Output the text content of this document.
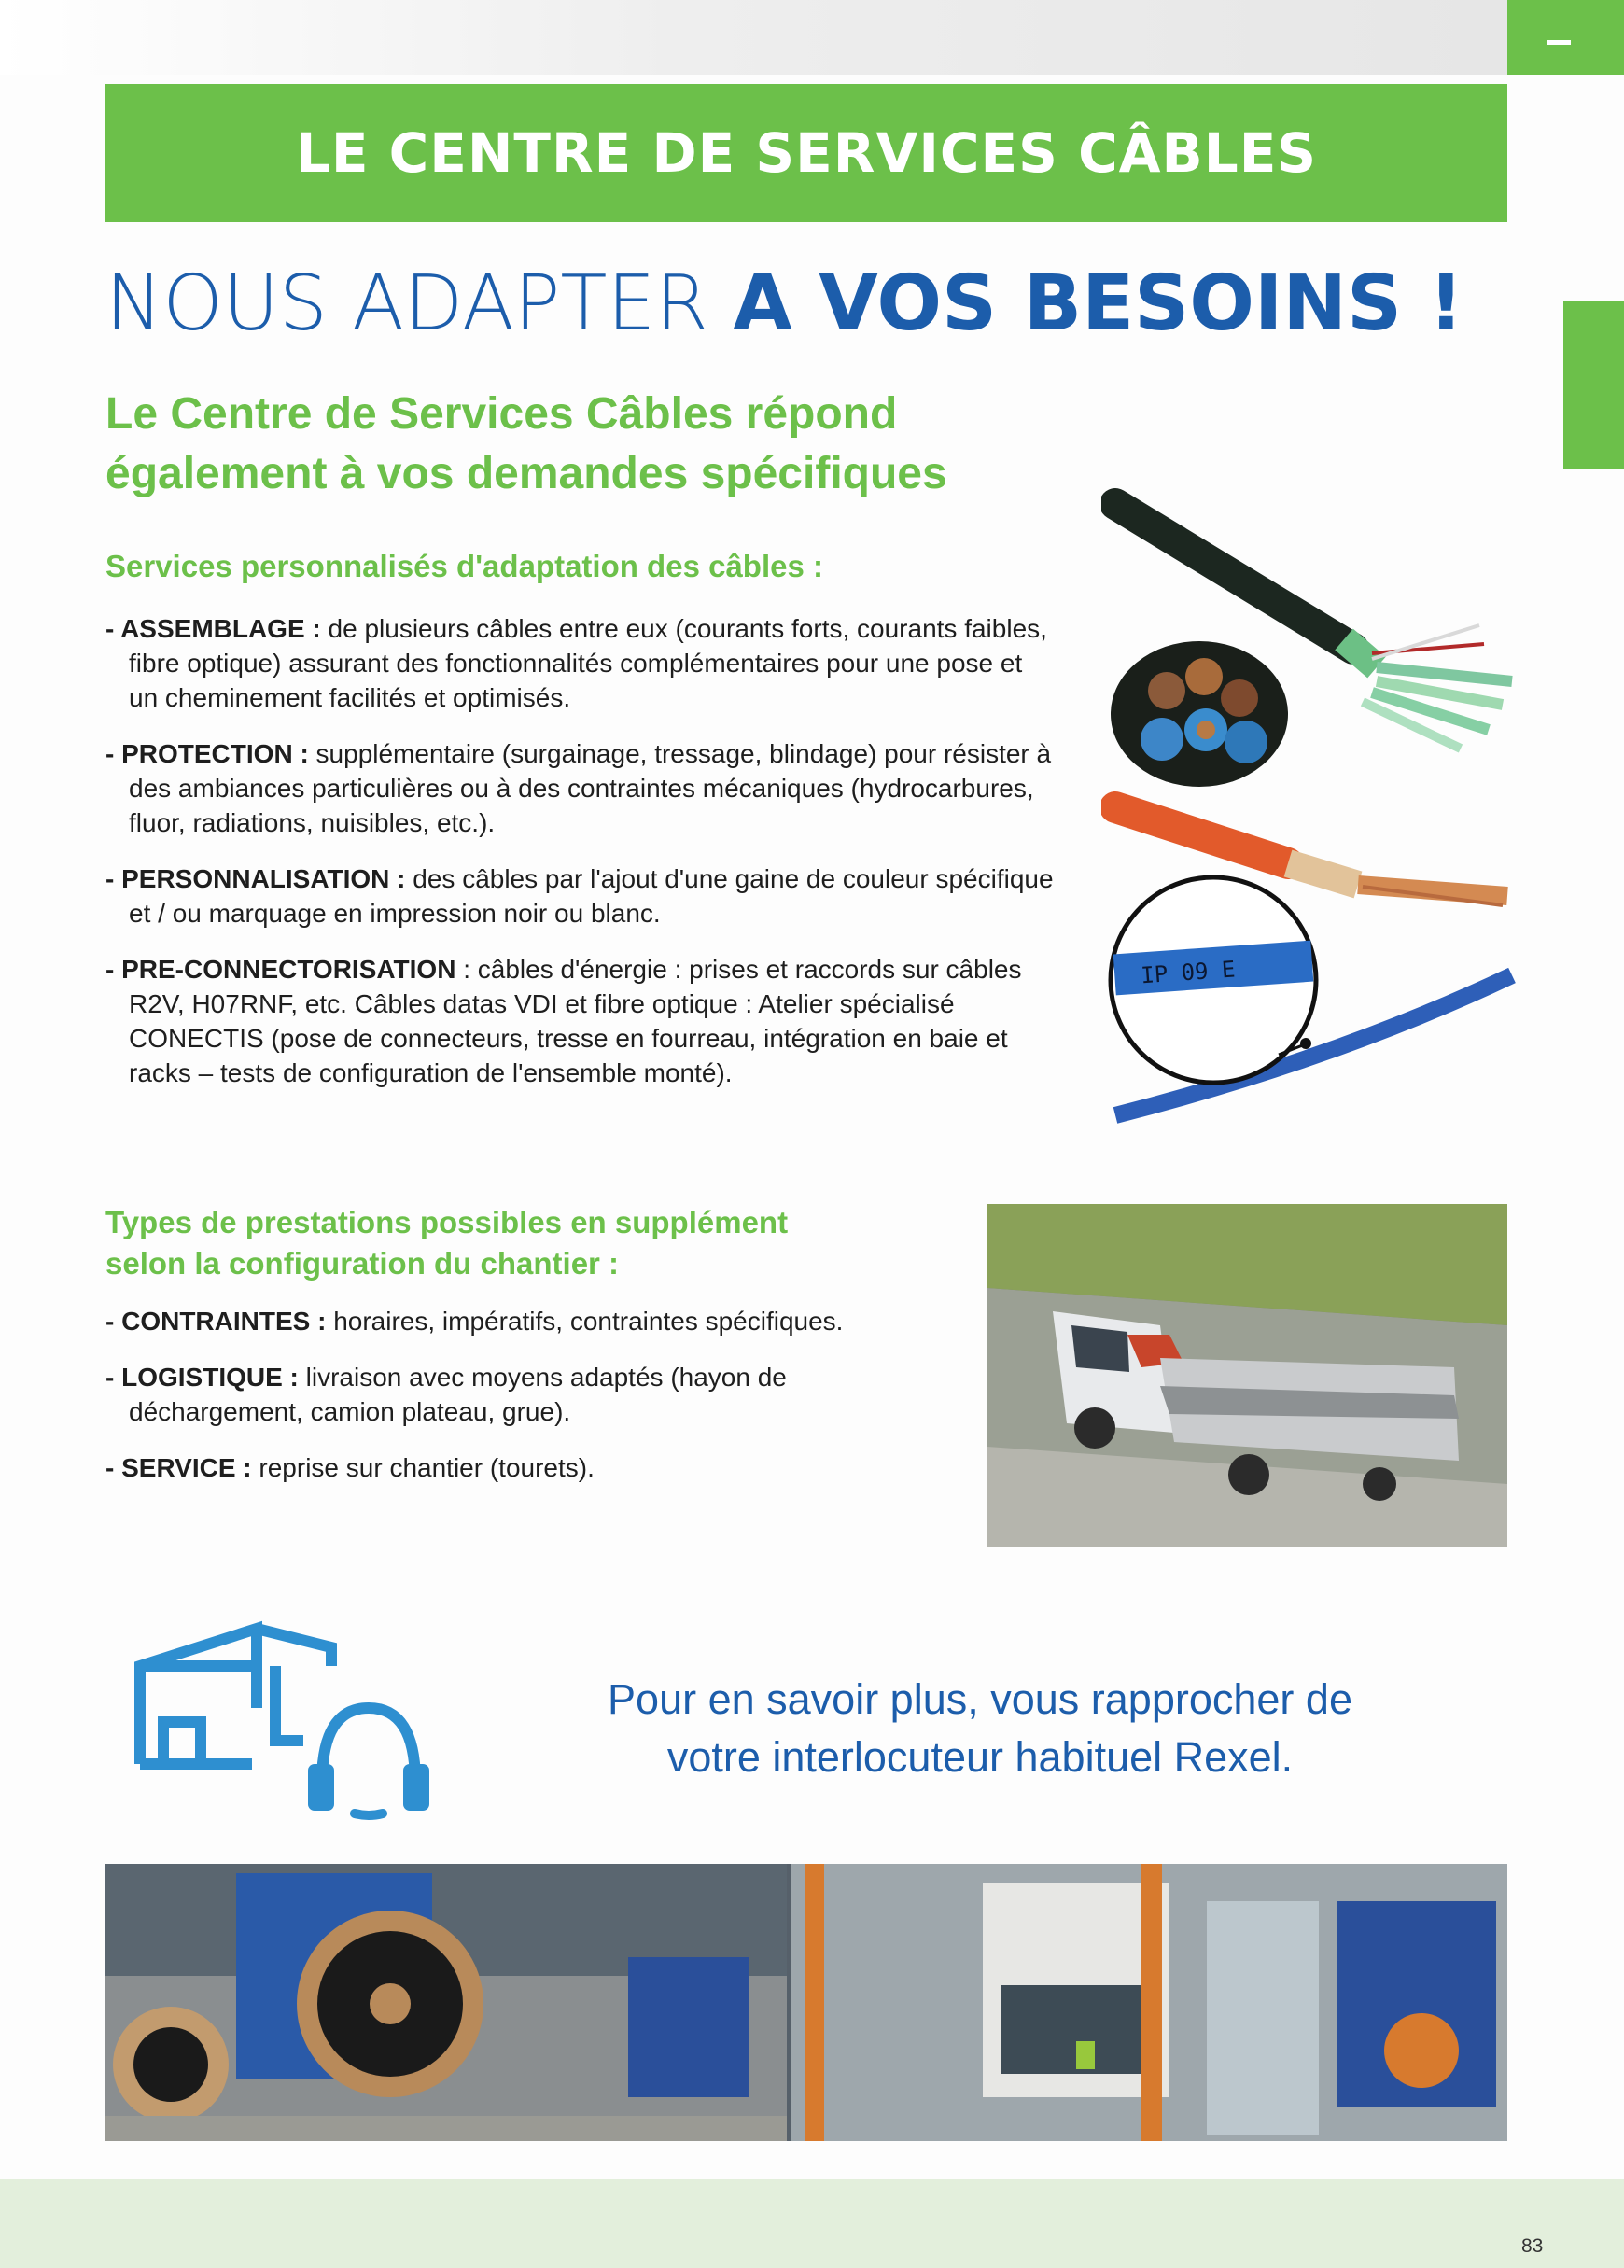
LE CENTRE DE SERVICES CÂBLES
NOUS ADAPTER A VOS BESOINS !
Le Centre de Services Câbles répond
également à vos demandes spécifiques
Services personnalisés d'adaptation des câbles :
- ASSEMBLAGE : de plusieurs câbles entre eux (courants forts, courants faibles, fibre optique) assurant des fonctionnalités complémentaires pour une pose et un cheminement facilités et optimisés.
- PROTECTION : supplémentaire (surgainage, tressage, blindage) pour résister à des ambiances particulières ou à des contraintes mécaniques (hydrocarbures, fluor, radiations, nuisibles, etc.).
- PERSONNALISATION : des câbles par l'ajout d'une gaine de couleur spécifique et / ou marquage en impression noir ou blanc.
- PRE-CONNECTORISATION : câbles d'énergie : prises et raccords sur câbles R2V, H07RNF, etc. Câbles datas VDI et fibre optique : Atelier spécialisé CONECTIS (pose de connecteurs, tresse en fourreau, intégration en baie et racks – tests de configuration de l'ensemble monté).
Types de prestations possibles en supplément
selon la configuration du chantier :
- CONTRAINTES : horaires, impératifs, contraintes spécifiques.
- LOGISTIQUE : livraison avec moyens adaptés (hayon de déchargement, camion plateau, grue).
- SERVICE : reprise sur chantier (tourets).
IP 09 E
Pour en savoir plus, vous rapprocher de
votre interlocuteur habituel Rexel.
83
